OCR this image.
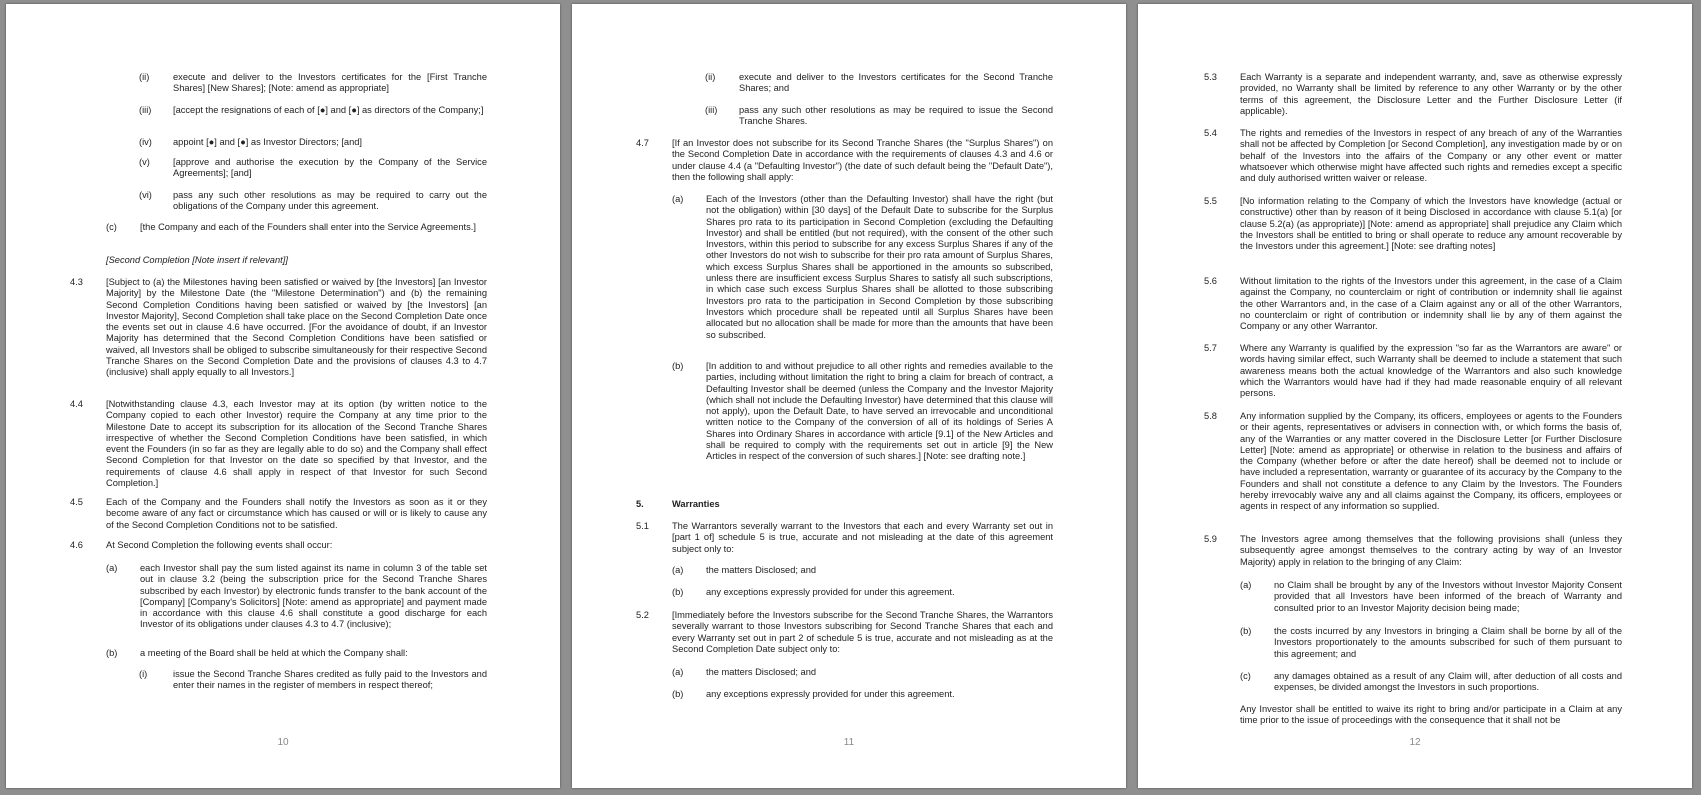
(ii)	execute and deliver to the Investors certificates for the [First Tranche Shares] [New Shares]; [Note: amend as appropriate]
(iii) [accept the resignations of each of [●] and [●] as directors of the Company;]
(iv) appoint [●] and [●] as Investor Directors; [and]
(v) [approve and authorise the execution by the Company of the Service Agreements]; [and]
(vi) pass any such other resolutions as may be required to carry out the obligations of the Company under this agreement.
(c) [the Company and each of the Founders shall enter into the Service Agreements.]
[Second Completion [Note insert if relevant]]
4.3 [Subject to (a) the Milestones having been satisfied or waived by [the Investors] [an Investor Majority] by the Milestone Date (the "Milestone Determination") and (b) the remaining Second Completion Conditions having been satisfied or waived by [the Investors] [an Investor Majority], Second Completion shall take place on the Second Completion Date once the events set out in clause 4.6 have occurred. [For the avoidance of doubt, if an Investor Majority has determined that the Second Completion Conditions have been satisfied or waived, all Investors shall be obliged to subscribe simultaneously for their respective Second Tranche Shares on the Second Completion Date and the provisions of clauses 4.3 to 4.7 (inclusive) shall apply equally to all Investors.]
4.4 [Notwithstanding clause 4.3, each Investor may at its option (by written notice to the Company copied to each other Investor) require the Company at any time prior to the Milestone Date to accept its subscription for its allocation of the Second Tranche Shares irrespective of whether the Second Completion Conditions have been satisfied, in which event the Founders (in so far as they are legally able to do so) and the Company shall effect Second Completion for that Investor on the date so specified by that Investor, and the requirements of clause 4.6 shall apply in respect of that Investor for such Second Completion.]
4.5 Each of the Company and the Founders shall notify the Investors as soon as it or they become aware of any fact or circumstance which has caused or will or is likely to cause any of the Second Completion Conditions not to be satisfied.
4.6 At Second Completion the following events shall occur:
(a) each Investor shall pay the sum listed against its name in column 3 of the table set out in clause 3.2 (being the subscription price for the Second Tranche Shares subscribed by each Investor) by electronic funds transfer to the bank account of the [Company] [Company's Solicitors] [Note: amend as appropriate] and payment made in accordance with this clause 4.6 shall constitute a good discharge for each Investor of its obligations under clauses 4.3 to 4.7 (inclusive);
(b) a meeting of the Board shall be held at which the Company shall:
(i)	issue the Second Tranche Shares credited as fully paid to the Investors and enter their names in the register of members in respect thereof;
10
(ii)	execute and deliver to the Investors certificates for the Second Tranche Shares; and
(iii) pass any such other resolutions as may be required to issue the Second Tranche Shares.
4.7 [If an Investor does not subscribe for its Second Tranche Shares (the "Surplus Shares") on the Second Completion Date in accordance with the requirements of clauses 4.3 and 4.6 or under clause 4.4 (a "Defaulting Investor") (the date of such default being the "Default Date"), then the following shall apply:
(a) Each of the Investors (other than the Defaulting Investor) shall have the right (but not the obligation) within [30 days] of the Default Date to subscribe for the Surplus Shares pro rata to its participation in Second Completion (excluding the Defaulting Investor) and shall be entitled (but not required), with the consent of the other such Investors, within this period to subscribe for any excess Surplus Shares if any of the other Investors do not wish to subscribe for their pro rata amount of Surplus Shares, which excess Surplus Shares shall be apportioned in the amounts so subscribed, unless there are insufficient excess Surplus Shares to satisfy all such subscriptions, in which case such excess Surplus Shares shall be allotted to those subscribing Investors pro rata to the participation in Second Completion by those subscribing Investors which procedure shall be repeated until all Surplus Shares have been allocated but no allocation shall be made for more than the amounts that have been so subscribed.
(b) [In addition to and without prejudice to all other rights and remedies available to the parties, including without limitation the right to bring a claim for breach of contract, a Defaulting Investor shall be deemed (unless the Company and the Investor Majority (which shall not include the Defaulting Investor) have determined that this clause will not apply), upon the Default Date, to have served an irrevocable and unconditional written notice to the Company of the conversion of all of its holdings of Series A Shares into Ordinary Shares in accordance with article [9.1] of the New Articles and shall be required to comply with the requirements set out in article [9] the New Articles in respect of the conversion of such shares.] [Note: see drafting note.]
5.	Warranties
5.1 The Warrantors severally warrant to the Investors that each and every Warranty set out in [part 1 of] schedule 5 is true, accurate and not misleading at the date of this agreement subject only to:
(a) the matters Disclosed; and
(b) any exceptions expressly provided for under this agreement.
5.2 [Immediately before the Investors subscribe for the Second Tranche Shares, the Warrantors severally warrant to those Investors subscribing for Second Tranche Shares that each and every Warranty set out in part 2 of schedule 5 is true, accurate and not misleading as at the Second Completion Date subject only to:
(a) the matters Disclosed; and
(b) any exceptions expressly provided for under this agreement.
11
5.3 Each Warranty is a separate and independent warranty, and, save as otherwise expressly provided, no Warranty shall be limited by reference to any other Warranty or by the other terms of this agreement, the Disclosure Letter and the Further Disclosure Letter (if applicable).
5.4 The rights and remedies of the Investors in respect of any breach of any of the Warranties shall not be affected by Completion [or Second Completion], any investigation made by or on behalf of the Investors into the affairs of the Company or any other event or matter whatsoever which otherwise might have affected such rights and remedies except a specific and duly authorised written waiver or release.
5.5 [No information relating to the Company of which the Investors have knowledge (actual or constructive) other than by reason of it being Disclosed in accordance with clause 5.1(a) [or clause 5.2(a) (as appropriate)] [Note: amend as appropriate] shall prejudice any Claim which the Investors shall be entitled to bring or shall operate to reduce any amount recoverable by the Investors under this agreement.] [Note: see drafting notes]
5.6 Without limitation to the rights of the Investors under this agreement, in the case of a Claim against the Company, no counterclaim or right of contribution or indemnity shall lie against the other Warrantors and, in the case of a Claim against any or all of the other Warrantors, no counterclaim or right of contribution or indemnity shall lie by any of them against the Company or any other Warrantor.
5.7 Where any Warranty is qualified by the expression "so far as the Warrantors are aware" or words having similar effect, such Warranty shall be deemed to include a statement that such awareness means both the actual knowledge of the Warrantors and also such knowledge which the Warrantors would have had if they had made reasonable enquiry of all relevant persons.
5.8 Any information supplied by the Company, its officers, employees or agents to the Founders or their agents, representatives or advisers in connection with, or which forms the basis of, any of the Warranties or any matter covered in the Disclosure Letter [or Further Disclosure Letter] [Note: amend as appropriate] or otherwise in relation to the business and affairs of the Company (whether before or after the date hereof) shall be deemed not to include or have included a representation, warranty or guarantee of its accuracy by the Company to the Founders and shall not constitute a defence to any Claim by the Investors. The Founders hereby irrevocably waive any and all claims against the Company, its officers, employees or agents in respect of any information so supplied.
5.9 The Investors agree among themselves that the following provisions shall (unless they subsequently agree amongst themselves to the contrary acting by way of an Investor Majority) apply in relation to the bringing of any Claim:
(a) no Claim shall be brought by any of the Investors without Investor Majority Consent provided that all Investors have been informed of the breach of Warranty and consulted prior to an Investor Majority decision being made;
(b) the costs incurred by any Investors in bringing a Claim shall be borne by all of the Investors proportionately to the amounts subscribed for such of them pursuant to this agreement; and
(c) any damages obtained as a result of any Claim will, after deduction of all costs and expenses, be divided amongst the Investors in such proportions.
Any Investor shall be entitled to waive its right to bring and/or participate in a Claim at any time prior to the issue of proceedings with the consequence that it shall not be
12
